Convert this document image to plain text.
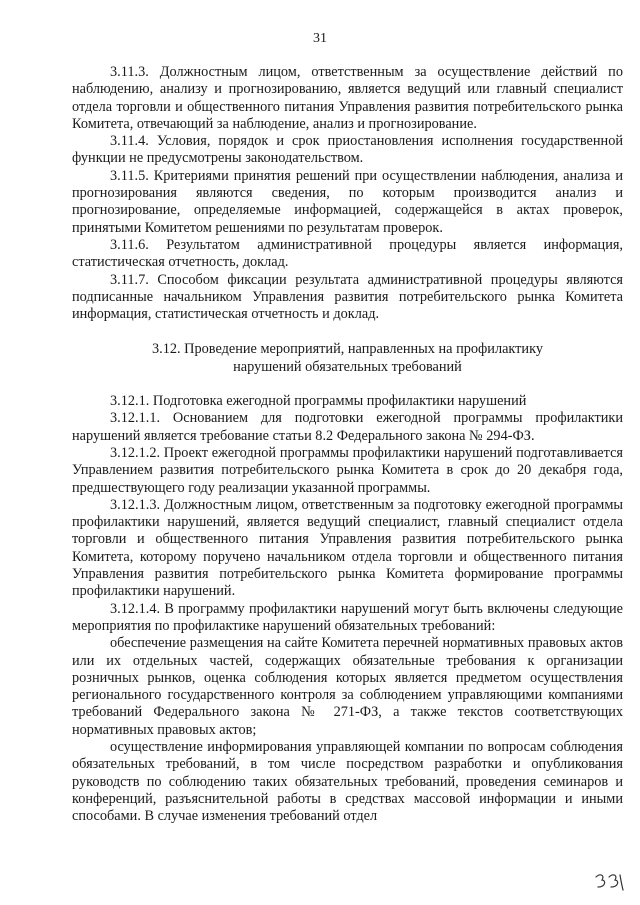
31

3.11.3. Должностным лицом, ответственным за осуществление действий по наблюдению, анализу и прогнозированию, является ведущий или главный специалист отдела торговли и общественного питания Управления развития потребительского рынка Комитета, отвечающий за наблюдение, анализ и прогнозирование.

3.11.4. Условия, порядок и срок приостановления исполнения государственной функции не предусмотрены законодательством.

3.11.5. Критериями принятия решений при осуществлении наблюдения, анализа и прогнозирования являются сведения, по которым производится анализ и прогнозирование, определяемые информацией, содержащейся в актах проверок, принятыми Комитетом решениями по результатам проверок.

3.11.6. Результатом административной процедуры является информация, статистическая отчетность, доклад.

3.11.7. Способом фиксации результата административной процедуры являются подписанные начальником Управления развития потребительского рынка Комитета информация, статистическая отчетность и доклад.

3.12. Проведение мероприятий, направленных на профилактику
нарушений обязательных требований

3.12.1. Подготовка ежегодной программы профилактики нарушений

3.12.1.1. Основанием для подготовки ежегодной программы профилактики нарушений является требование статьи 8.2 Федерального закона № 294-ФЗ.

3.12.1.2. Проект ежегодной программы профилактики нарушений подготавливается Управлением развития потребительского рынка Комитета в срок до 20 декабря года, предшествующего году реализации указанной программы.

3.12.1.3. Должностным лицом, ответственным за подготовку ежегодной программы профилактики нарушений, является ведущий специалист, главный специалист отдела торговли и общественного питания Управления развития потребительского рынка Комитета, которому поручено начальником отдела торговли и общественного питания Управления развития потребительского рынка Комитета формирование программы профилактики нарушений.

3.12.1.4. В программу профилактики нарушений могут быть включены следующие мероприятия по профилактике нарушений обязательных требований:

обеспечение размещения на сайте Комитета перечней нормативных правовых актов или их отдельных частей, содержащих обязательные требования к организации розничных рынков, оценка соблюдения которых является предметом осуществления регионального государственного контроля за соблюдением управляющими компаниями требований Федерального закона № 271-ФЗ, а также текстов соответствующих нормативных правовых актов;

осуществление информирования управляющей компании по вопросам соблюдения обязательных требований, в том числе посредством разработки и опубликования руководств по соблюдению таких обязательных требований, проведения семинаров и конференций, разъяснительной работы в средствах массовой информации и иными способами. В случае изменения требований отдел
